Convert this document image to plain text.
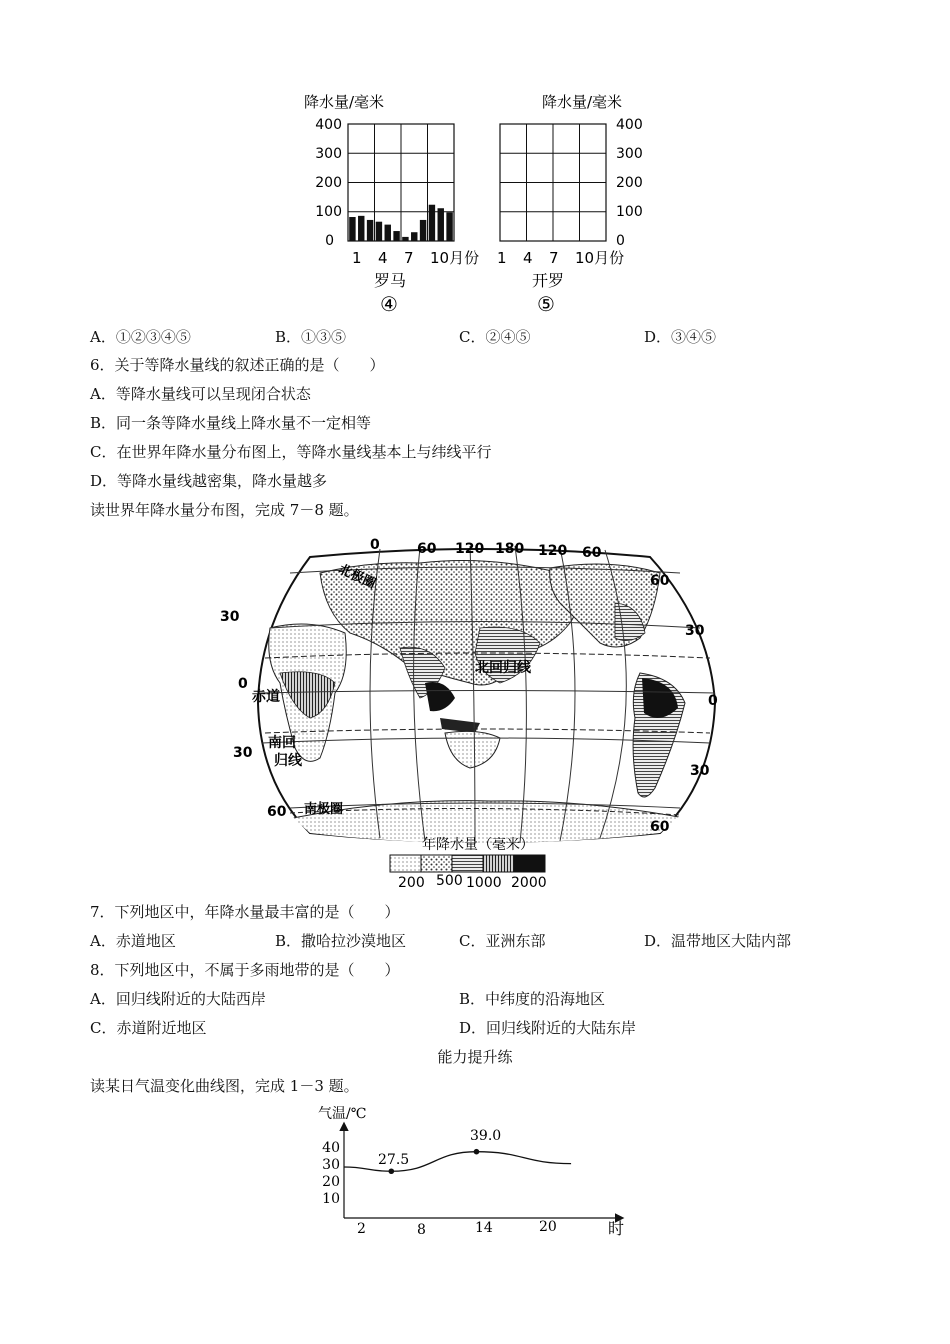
降水量/毫米
400
300
200
100
0
1 4 7 10月份
罗马
④
降水量/毫米
400
300
200
100
0
1 4 7 10月份
开罗
⑤
A．①②③④⑤	B．①③⑤	C．②④⑤	D．③④⑤
6．关于等降水量线的叙述正确的是（　　）
A．等降水量线可以呈现闭合状态
B．同一条等降水量线上降水量不一定相等
C．在世界年降水量分布图上，等降水量线基本上与纬线平行
D．等降水量线越密集，降水量越多
读世界年降水量分布图，完成 7－8 题。
0	60 120 180 120 60
30
0
30
60
60
30
0
30
60
北极圈
北回归线
赤道
南回
归线
南极圈
年降水量（毫米）
200 500 1000 2000
7．下列地区中，年降水量最丰富的是（　　）
A．赤道地区	B．撒哈拉沙漠地区	C．亚洲东部	D．温带地区大陆内部
8．下列地区中，不属于多雨地带的是（　　）
A．回归线附近的大陆西岸	B．中纬度的沿海地区
C．赤道附近地区	D．回归线附近的大陆东岸
能力提升练
读某日气温变化曲线图，完成 1－3 题。
气温/℃
40
30
20
10
2	8	14	20	时
27.5
39.0
